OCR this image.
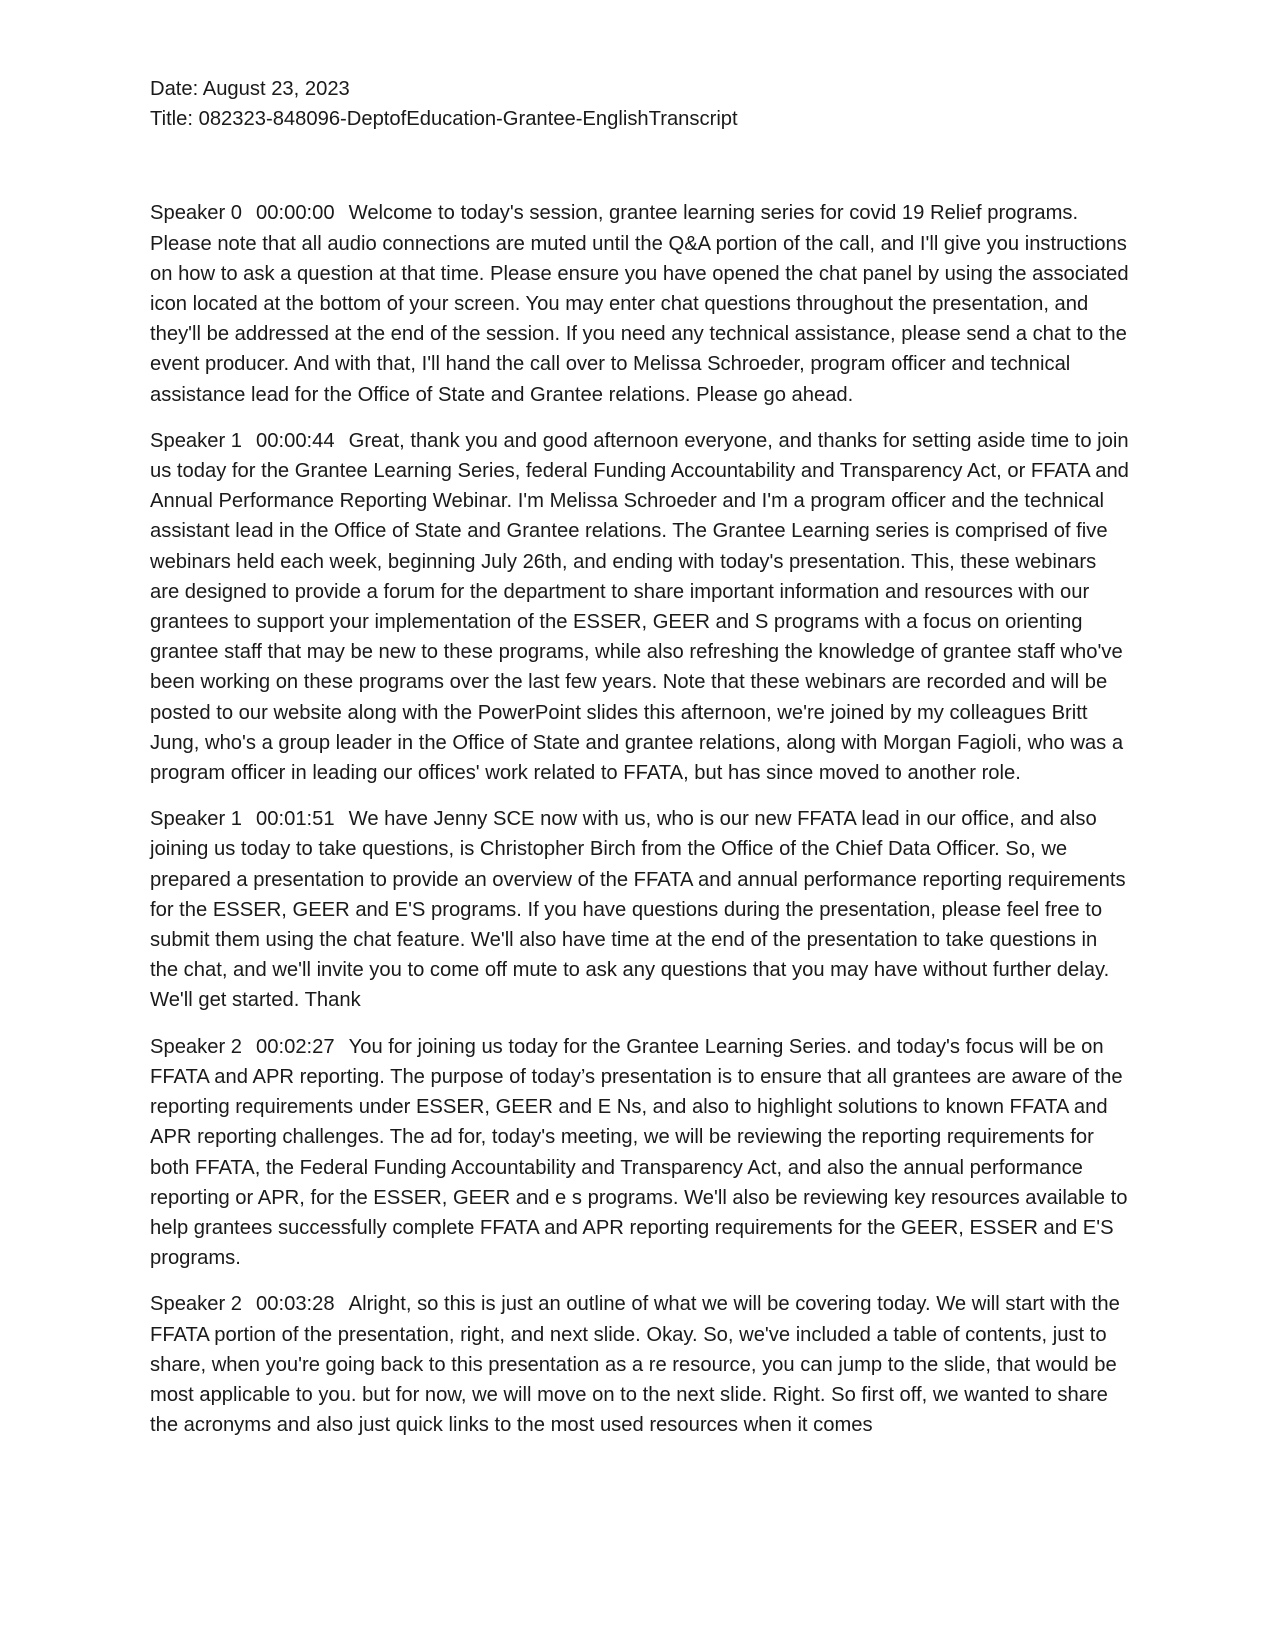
Date: August 23, 2023

Title: 082323-848096-DeptofEducation-Grantee-EnglishTranscript

Speaker 0 00:00:00 Welcome to today's session, grantee learning series for covid 19 Relief programs. Please note that all audio connections are muted until the Q&A portion of the call, and I'll give you instructions on how to ask a question at that time. Please ensure you have opened the chat panel by using the associated icon located at the bottom of your screen. You may enter chat questions throughout the presentation, and they'll be addressed at the end of the session. If you need any technical assistance, please send a chat to the event producer. And with that, I'll hand the call over to Melissa Schroeder, program officer and technical assistance lead for the Office of State and Grantee relations. Please go ahead.

Speaker 1 00:00:44 Great, thank you and good afternoon everyone, and thanks for setting aside time to join us today for the Grantee Learning Series, federal Funding Accountability and Transparency Act, or FFATA and Annual Performance Reporting Webinar. I'm Melissa Schroeder and I'm a program officer and the technical assistant lead in the Office of State and Grantee relations. The Grantee Learning series is comprised of five webinars held each week, beginning July 26th, and ending with today's presentation. This, these webinars are designed to provide a forum for the department to share important information and resources with our grantees to support your implementation of the ESSER, GEER and S programs with a focus on orienting grantee staff that may be new to these programs, while also refreshing the knowledge of grantee staff who've been working on these programs over the last few years. Note that these webinars are recorded and will be posted to our website along with the PowerPoint slides this afternoon, we're joined by my colleagues Britt Jung, who's a group leader in the Office of State and grantee relations, along with Morgan Fagioli, who was a program officer in leading our offices' work related to FFATA, but has since moved to another role.

Speaker 1 00:01:51 We have Jenny SCE now with us, who is our new FFATA lead in our office, and also joining us today to take questions, is Christopher Birch from the Office of the Chief Data Officer. So, we prepared a presentation to provide an overview of the FFATA and annual performance reporting requirements for the ESSER, GEER and E'S programs. If you have questions during the presentation, please feel free to submit them using the chat feature. We'll also have time at the end of the presentation to take questions in the chat, and we'll invite you to come off mute to ask any questions that you may have without further delay. We'll get started. Thank

Speaker 2 00:02:27 You for joining us today for the Grantee Learning Series. and today's focus will be on FFATA and APR reporting. The purpose of today’s presentation is to ensure that all grantees are aware of the reporting requirements under ESSER, GEER and E Ns, and also to highlight solutions to known FFATA and APR reporting challenges. The ad for, today's meeting, we will be reviewing the reporting requirements for both FFATA, the Federal Funding Accountability and Transparency Act, and also the annual performance reporting or APR, for the ESSER, GEER and e s programs. We'll also be reviewing key resources available to help grantees successfully complete FFATA and APR reporting requirements for the GEER, ESSER and E'S programs.

Speaker 2 00:03:28 Alright, so this is just an outline of what we will be covering today. We will start with the FFATA portion of the presentation, right, and next slide. Okay. So, we've included a table of contents, just to share, when you're going back to this presentation as a re resource, you can jump to the slide, that would be most applicable to you. but for now, we will move on to the next slide. Right. So first off, we wanted to share the acronyms and also just quick links to the most used resources when it comes
